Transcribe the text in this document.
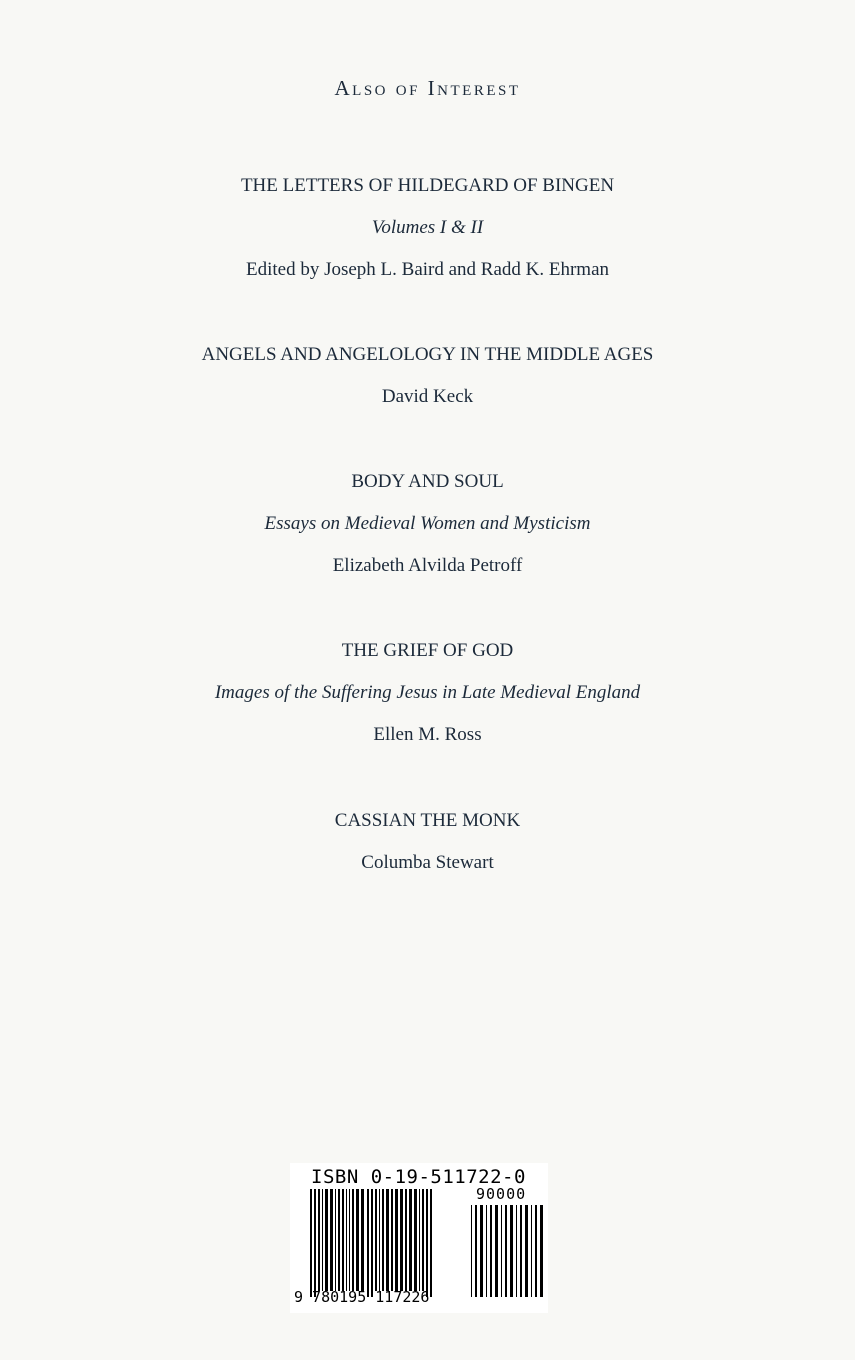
Also of Interest
THE LETTERS OF HILDEGARD OF BINGEN
Volumes I & II
Edited by Joseph L. Baird and Radd K. Ehrman
ANGELS AND ANGELOLOGY IN THE MIDDLE AGES
David Keck
BODY AND SOUL
Essays on Medieval Women and Mysticism
Elizabeth Alvilda Petroff
THE GRIEF OF GOD
Images of the Suffering Jesus in Late Medieval England
Ellen M. Ross
CASSIAN THE MONK
Columba Stewart
ISBN 0-19-511722-0
90000
9 780195 117226
